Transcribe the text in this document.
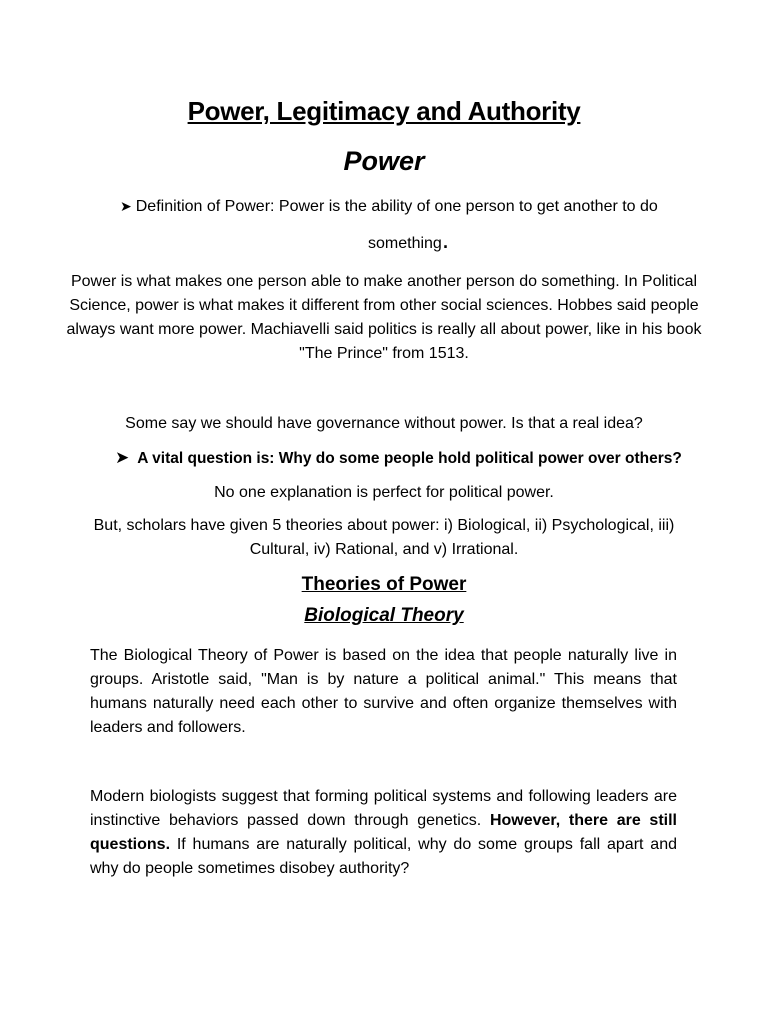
Power, Legitimacy and Authority
Power
➤ Definition of Power: Power is the ability of one person to get another to do
something.

Power is what makes one person able to make another person do something. In Political Science, power is what makes it different from other social sciences. Hobbes said people always want more power. Machiavelli said politics is really all about power, like in his book "The Prince" from 1513.

Some say we should have governance without power. Is that a real idea?

➤ A vital question is: Why do some people hold political power over others?

No one explanation is perfect for political power.

But, scholars have given 5 theories about power: i) Biological, ii) Psychological, iii) Cultural, iv) Rational, and v) Irrational.

Theories of Power
Biological Theory

The Biological Theory of Power is based on the idea that people naturally live in groups. Aristotle said, "Man is by nature a political animal." This means that humans naturally need each other to survive and often organize themselves with leaders and followers.

Modern biologists suggest that forming political systems and following leaders are instinctive behaviors passed down through genetics. However, there are still questions. If humans are naturally political, why do some groups fall apart and why do people sometimes disobey authority?
